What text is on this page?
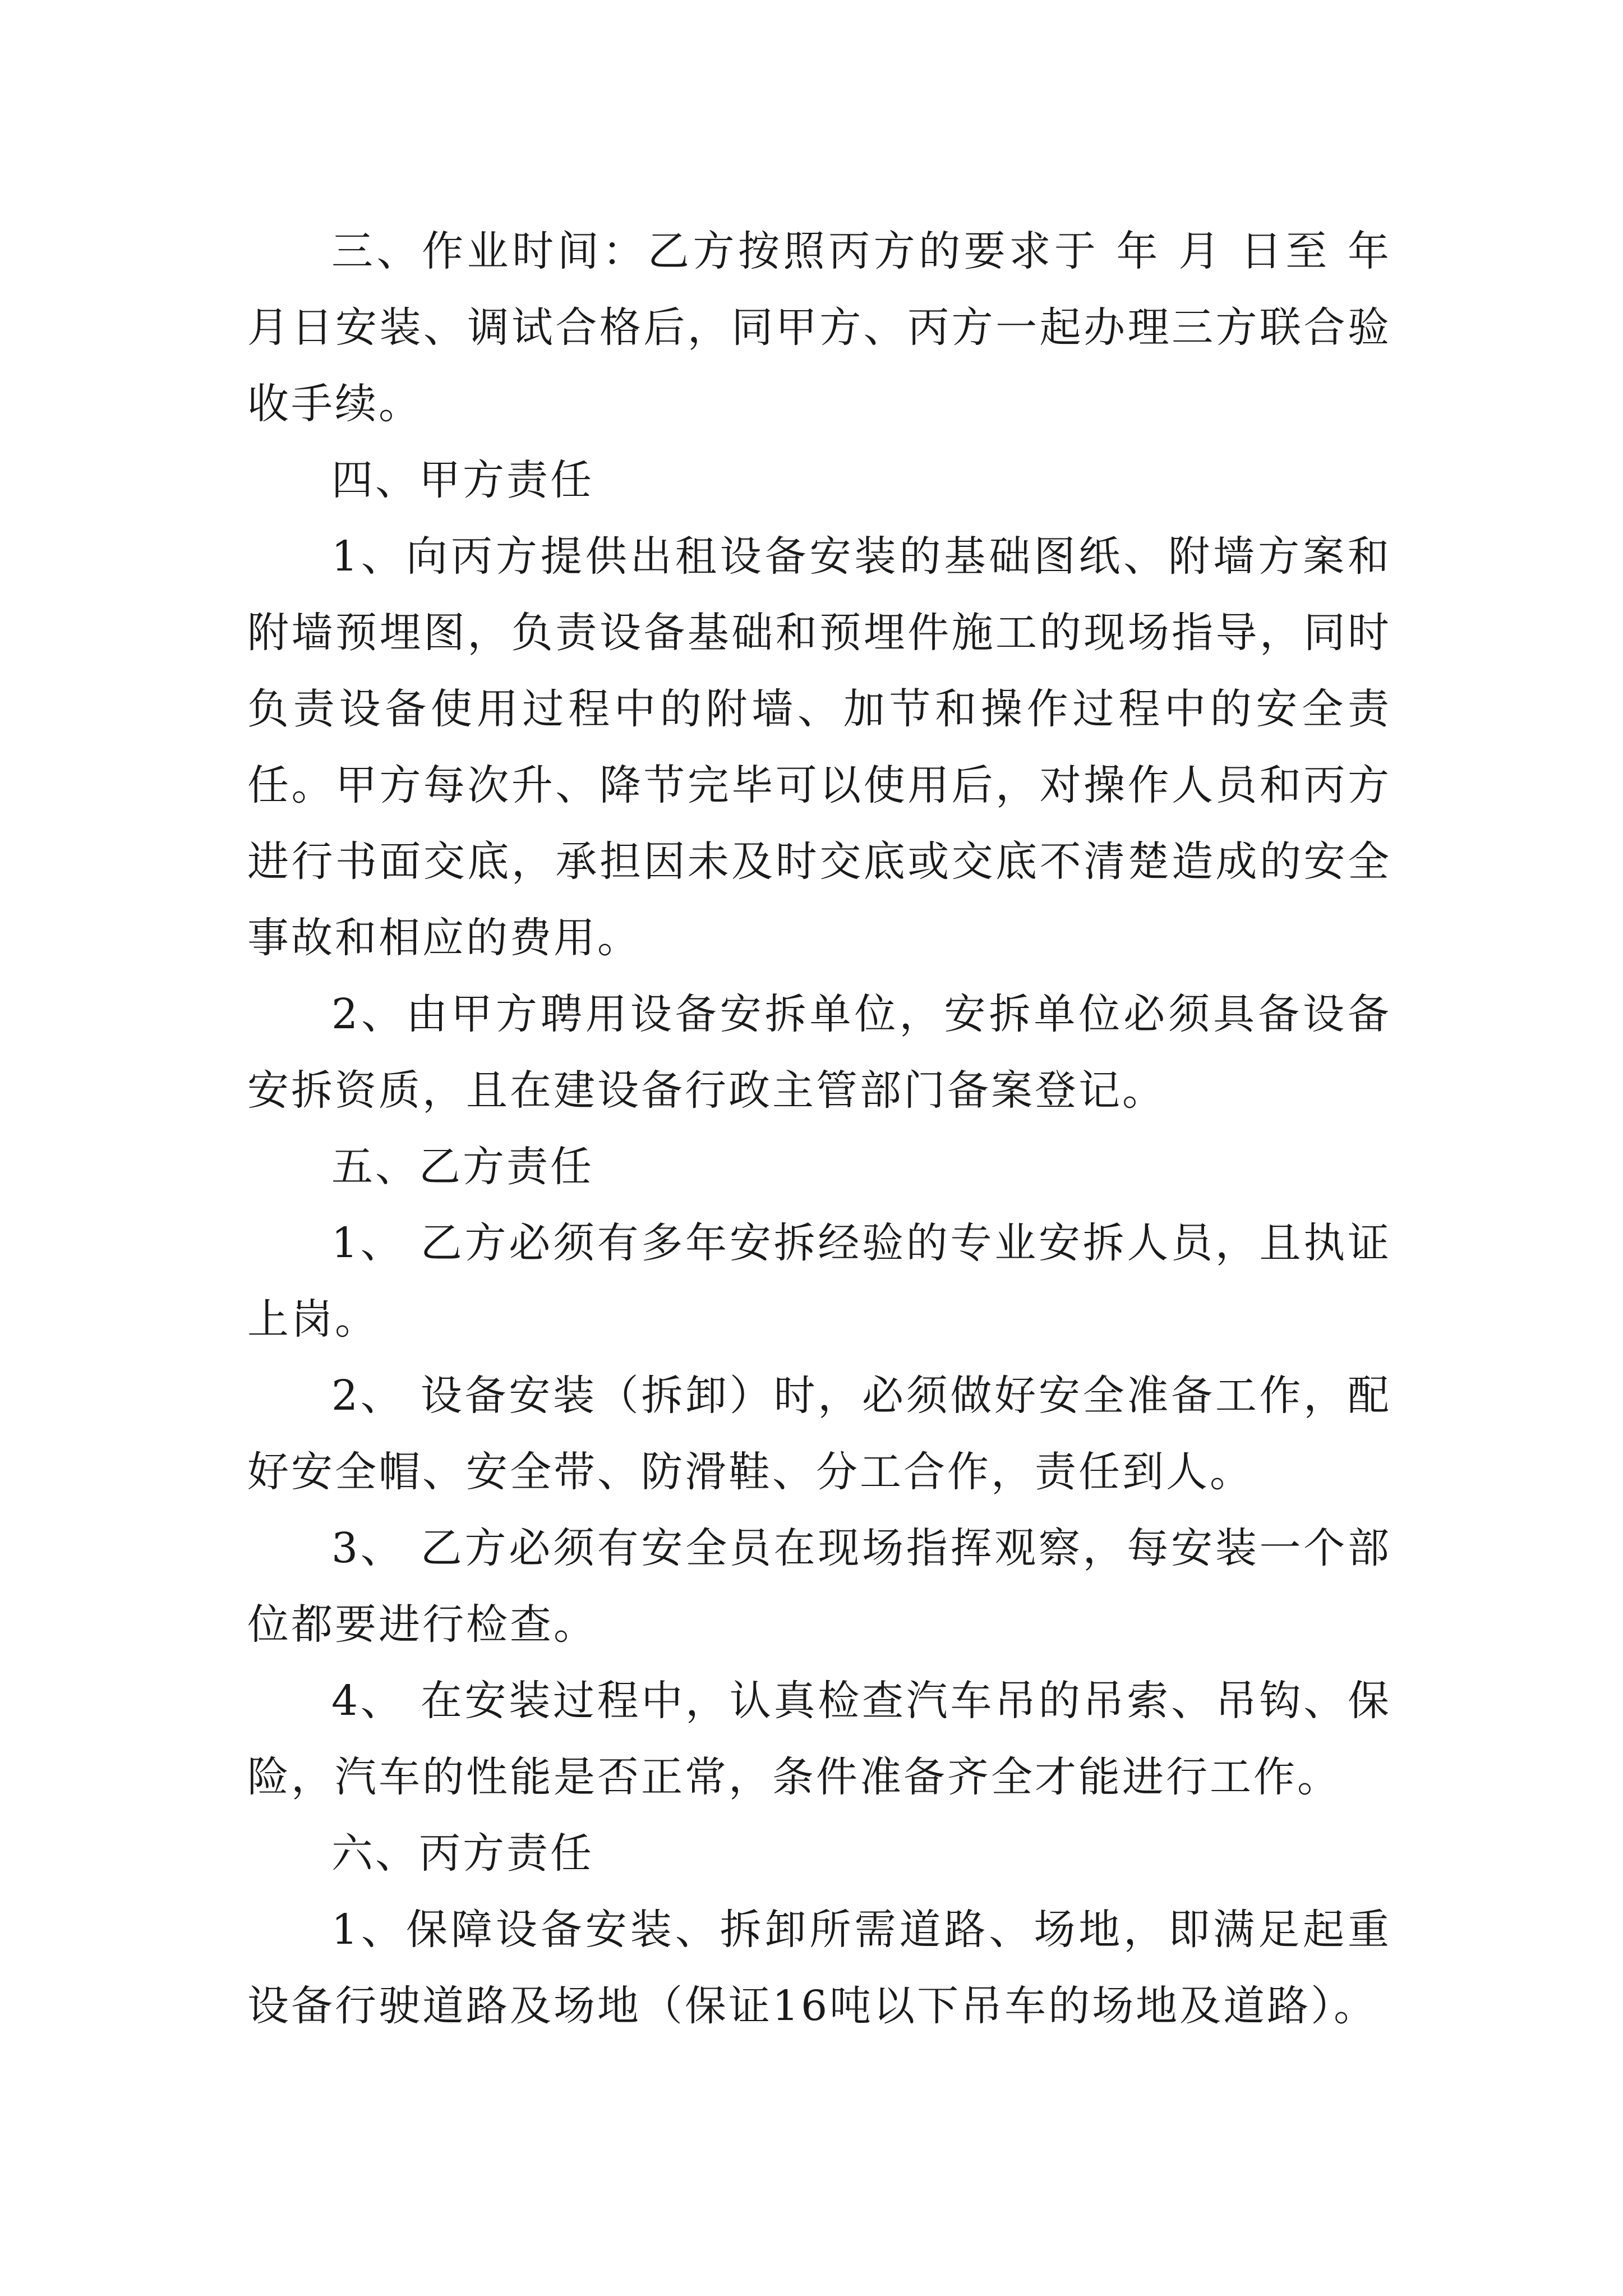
三、作业时间：乙方按照丙方的要求于 年 月 日至 年月日安装、调试合格后，同甲方、丙方一起办理三方联合验收手续。

四、甲方责任

1、向丙方提供出租设备安装的基础图纸、附墙方案和附墙预埋图，负责设备基础和预埋件施工的现场指导，同时负责设备使用过程中的附墙、加节和操作过程中的安全责任。甲方每次升、降节完毕可以使用后，对操作人员和丙方进行书面交底，承担因未及时交底或交底不清楚造成的安全事故和相应的费用。

2、由甲方聘用设备安拆单位，安拆单位必须具备设备安拆资质，且在建设备行政主管部门备案登记。

五、乙方责任

1、 乙方必须有多年安拆经验的专业安拆人员，且执证上岗。

2、 设备安装（拆卸）时，必须做好安全准备工作，配好安全帽、安全带、防滑鞋、分工合作，责任到人。

3、 乙方必须有安全员在现场指挥观察，每安装一个部位都要进行检查。

4、 在安装过程中，认真检查汽车吊的吊索、吊钩、保险，汽车的性能是否正常，条件准备齐全才能进行工作。

六、丙方责任

1、保障设备安装、拆卸所需道路、场地，即满足起重设备行驶道路及场地（保证16吨以下吊车的场地及道路）。
